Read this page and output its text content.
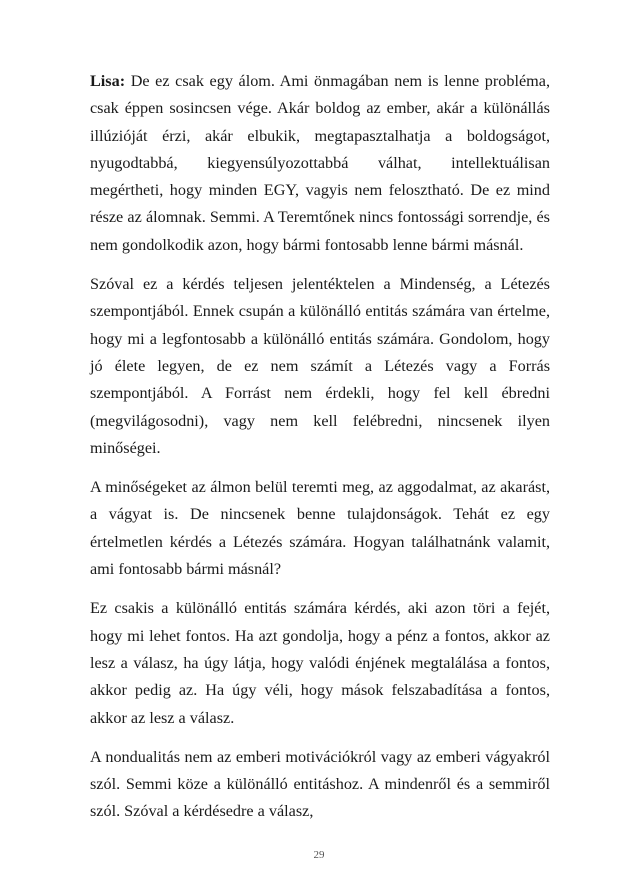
Lisa: De ez csak egy álom. Ami önmagában nem is lenne probléma, csak éppen sosincsen vége. Akár boldog az ember, akár a különállás illúzióját érzi, akár elbukik, megtapasztalhatja a boldogságot, nyugodtabbá, kiegyensúlyozottabbá válhat, intellektuálisan megértheti, hogy minden EGY, vagyis nem felosztható. De ez mind része az álomnak. Semmi. A Teremtőnek nincs fontossági sorrendje, és nem gondolkodik azon, hogy bármi fontosabb lenne bármi másnál.

Szóval ez a kérdés teljesen jelentéktelen a Mindenség, a Létezés szempontjából. Ennek csupán a különálló entitás számára van értelme, hogy mi a legfontosabb a különálló entitás számára. Gondolom, hogy jó élete legyen, de ez nem számít a Létezés vagy a Forrás szempontjából. A Forrást nem érdekli, hogy fel kell ébredni (megvilágosodni), vagy nem kell felébredni, nincsenek ilyen minőségei.

A minőségeket az álmon belül teremti meg, az aggodalmat, az akarást, a vágyat is. De nincsenek benne tulajdonságok. Tehát ez egy értelmetlen kérdés a Létezés számára. Hogyan találhatnánk valamit, ami fontosabb bármi másnál?

Ez csakis a különálló entitás számára kérdés, aki azon töri a fejét, hogy mi lehet fontos. Ha azt gondolja, hogy a pénz a fontos, akkor az lesz a válasz, ha úgy látja, hogy valódi énjének megtalálása a fontos, akkor pedig az. Ha úgy véli, hogy mások felszabadítása a fontos, akkor az lesz a válasz.

A nondualitás nem az emberi motivációkról vagy az emberi vágyakról szól. Semmi köze a különálló entitáshoz. A mindenről és a semmiről szól. Szóval a kérdésedre a válasz,

29
